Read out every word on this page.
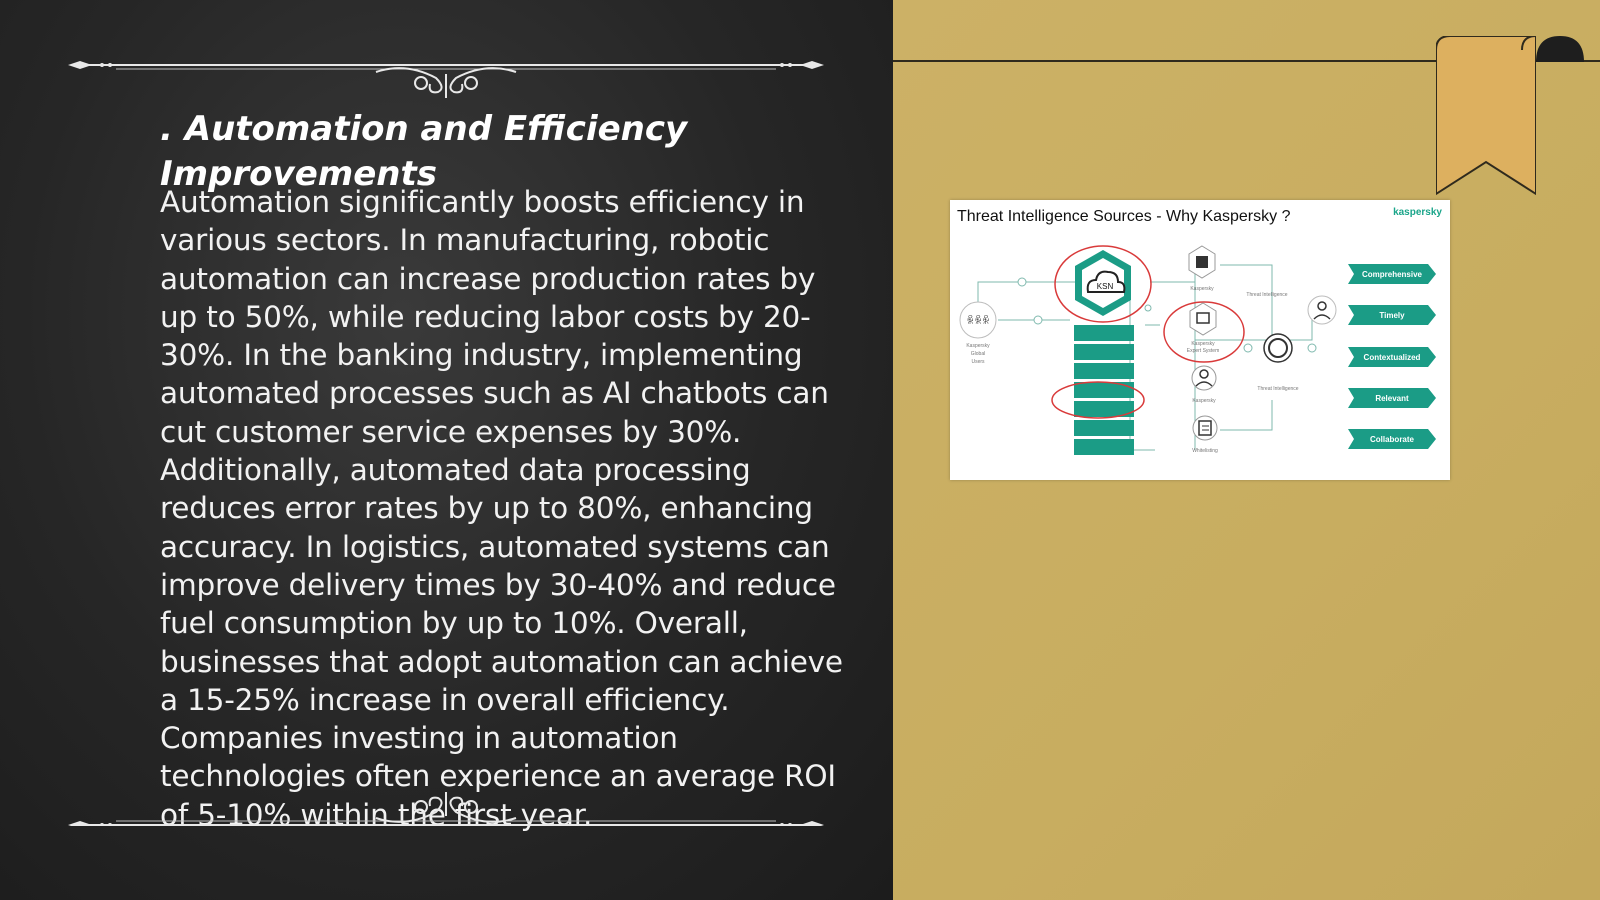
. Automation and Efficiency Improvements

Automation significantly boosts efficiency in various sectors. In manufacturing, robotic automation can increase production rates by up to 50%, while reducing labor costs by 20-30%. In the banking industry, implementing automated processes such as AI chatbots can cut customer service expenses by 30%. Additionally, automated data processing reduces error rates by up to 80%, enhancing accuracy. In logistics, automated systems can improve delivery times by 30-40% and reduce fuel consumption by up to 10%. Overall, businesses that adopt automation can achieve a 15-25% increase in overall efficiency. Companies investing in automation technologies often experience an average ROI of 5-10% within the first year.

ꆜꆜꆜ
Kaspersky
Global
Users
KSN	Kaspersky
Kaspersky
Expert System
Kaspersky
Whitelisting
Threat Intelligence
Threat Intelligence
Comprehensive
Timely
Contextualized
Relevant
Collaborate
Threat Intelligence Sources - Why Kaspersky ?	kaspersky
